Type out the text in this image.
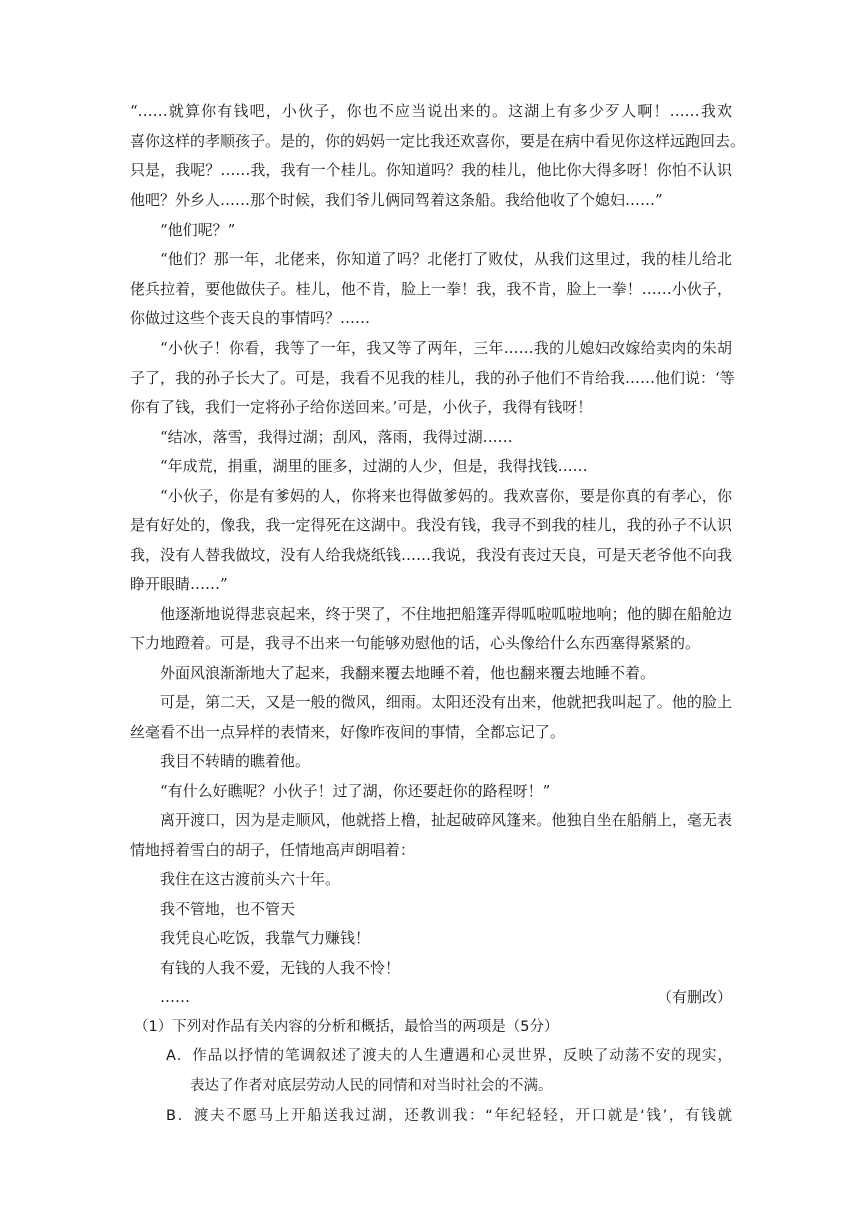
“……就算你有钱吧，小伙子，你也不应当说出来的。这湖上有多少歹人啊！……我欢
喜你这样的孝顺孩子。是的，你的妈妈一定比我还欢喜你，要是在病中看见你这样远跑回去。
只是，我呢？……我，我有一个桂儿。你知道吗？我的桂儿，他比你大得多呀！你怕不认识
他吧？外乡人……那个时候，我们爷儿俩同驾着这条船。我给他收了个媳妇……”
“他们呢？”
“他们？那一年，北佬来，你知道了吗？北佬打了败仗，从我们这里过，我的桂儿给北
佬兵拉着，要他做伕子。桂儿，他不肯，脸上一拳！我，我不肯，脸上一拳！……小伙子，
你做过这些个丧天良的事情吗？……
“小伙子！你看，我等了一年，我又等了两年，三年……我的儿媳妇改嫁给卖肉的朱胡
子了，我的孙子长大了。可是，我看不见我的桂儿，我的孙子他们不肯给我……他们说：‘等
你有了钱，我们一定将孙子给你送回来。’可是，小伙子，我得有钱呀！
“结冰，落雪，我得过湖；刮风，落雨，我得过湖……
“年成荒，捐重，湖里的匪多，过湖的人少，但是，我得找钱……
“小伙子，你是有爹妈的人，你将来也得做爹妈的。我欢喜你，要是你真的有孝心，你
是有好处的，像我，我一定得死在这湖中。我没有钱，我寻不到我的桂儿，我的孙子不认识
我，没有人替我做坟，没有人给我烧纸钱……我说，我没有丧过天良，可是天老爷他不向我
睁开眼睛……”
他逐渐地说得悲哀起来，终于哭了，不住地把船篷弄得呱啦呱啦地响；他的脚在船舱边
下力地蹬着。可是，我寻不出来一句能够劝慰他的话，心头像给什么东西塞得紧紧的。
外面风浪渐渐地大了起来，我翻来覆去地睡不着，他也翻来覆去地睡不着。
可是，第二天，又是一般的微风，细雨。太阳还没有出来，他就把我叫起了。他的脸上
丝毫看不出一点异样的表情来，好像昨夜间的事情，全都忘记了。
我目不转睛的瞧着他。
“有什么好瞧呢？小伙子！过了湖，你还要赶你的路程呀！”
离开渡口，因为是走顺风，他就搭上橹，扯起破碎风篷来。他独自坐在船艄上，毫无表
情地捋着雪白的胡子，任情地高声朗唱着：
我住在这古渡前头六十年。
我不管地，也不管天
我凭良心吃饭，我靠气力赚钱！
有钱的人我不爱，无钱的人我不怜！
……	（有删改）
（1）下列对作品有关内容的分析和概括，最恰当的两项是（5分）
A．作品以抒情的笔调叙述了渡夫的人生遭遇和心灵世界，反映了动荡不安的现实，
表达了作者对底层劳动人民的同情和对当时社会的不满。
B．渡夫不愿马上开船送我过湖，还教训我：“年纪轻轻，开口就是‘钱’，有钱就
